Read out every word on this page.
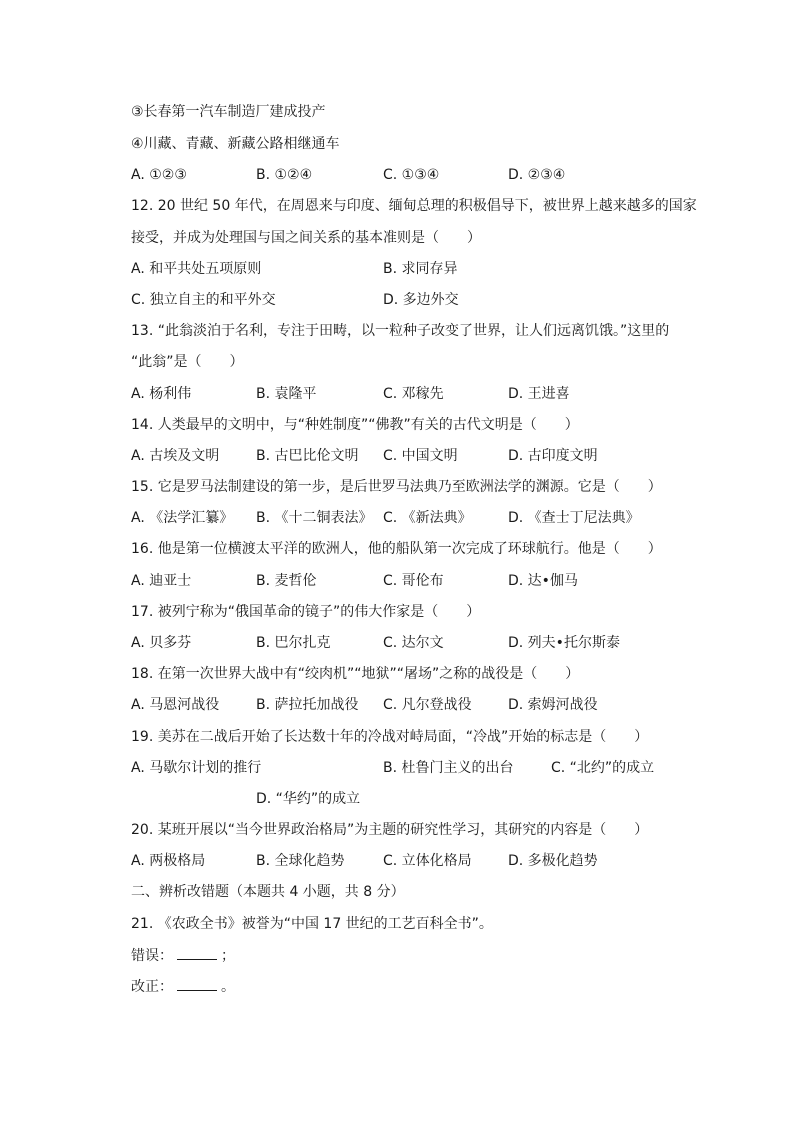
③长春第一汽车制造厂建成投产
④川藏、青藏、新藏公路相继通车
A. ①②③	B. ①②④	C. ①③④	D. ②③④
12. 20 世纪 50 年代，在周恩来与印度、缅甸总理的积极倡导下，被世界上越来越多的国家
接受，并成为处理国与国之间关系的基本准则是（　　）
A. 和平共处五项原则	B. 求同存异
C. 独立自主的和平外交	D. 多边外交
13. “此翁淡泊于名利，专注于田畴，以一粒种子改变了世界，让人们远离饥饿。”这里的
“此翁”是（　　）
A. 杨利伟	B. 袁隆平	C. 邓稼先	D. 王进喜
14. 人类最早的文明中，与“种姓制度”“佛教”有关的古代文明是（　　）
A. 古埃及文明	B. 古巴比伦文明 C. 中国文明	D. 古印度文明
15. 它是罗马法制建设的第一步，是后世罗马法典乃至欧洲法学的渊源。它是（　　）
A. 《法学汇纂》 B. 《十二铜表法》 C. 《新法典》	D. 《查士丁尼法典》
16. 他是第一位横渡太平洋的欧洲人，他的船队第一次完成了环球航行。他是（　　）
A. 迪亚士	B. 麦哲伦	C. 哥伦布	D. 达•伽马
17. 被列宁称为“俄国革命的镜子”的伟大作家是（　　）
A. 贝多芬	B. 巴尔扎克	C. 达尔文	D. 列夫•托尔斯泰
18. 在第一次世界大战中有“绞肉机”“地狱”“屠场”之称的战役是（　　）
A. 马恩河战役	B. 萨拉托加战役 C. 凡尔登战役	D. 索姆河战役
19. 美苏在二战后开始了长达数十年的冷战对峙局面，“冷战”开始的标志是（　　）
A. 马歇尔计划的推行	B. 杜鲁门主义的出台	C. “北约”的成立
D. “华约”的成立
20. 某班开展以“当今世界政治格局”为主题的研究性学习，其研究的内容是（　　）
A. 两极格局	B. 全球化趋势	C. 立体化格局	D. 多极化趋势
二、辨析改错题（本题共 4 小题，共 8 分）
21. 《农政全书》被誉为“中国 17 世纪的工艺百科全书”。
错误：	；
改正：	。
